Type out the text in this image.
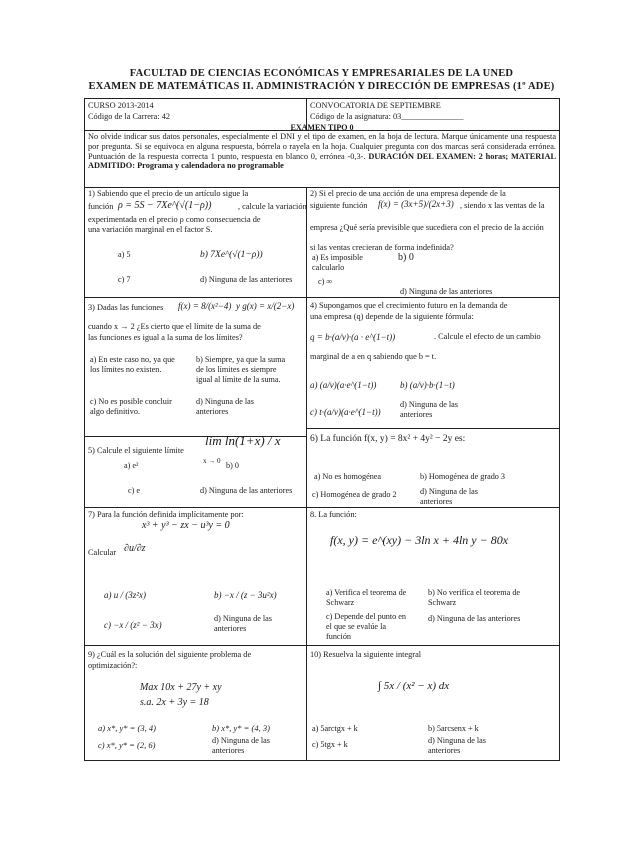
FACULTAD DE CIENCIAS ECONÓMICAS Y EMPRESARIALES DE LA UNED
EXAMEN DE MATEMÁTICAS II. ADMINISTRACIÓN Y DIRECCIÓN DE EMPRESAS (1º ADE)
CURSO 2013-2014
Código de la Carrera: 42
CONVOCATORIA DE SEPTIEMBRE
Código de la asignatura: 03_______________
EXAMEN TIPO 0
No olvide indicar sus datos personales, especialmente el DNI y el tipo de examen, en la hoja de lectura. Marque únicamente una respuesta por pregunta. Si se equivoca en alguna respuesta, bórrela o rayela en la hoja. Cualquier pregunta con dos marcas será considerada errónea. Puntuación de la respuesta correcta 1 punto, respuesta en blanco 0, errónea -0,3-. DURACIÓN DEL EXAMEN: 2 horas; MATERIAL ADMITIDO: Programa y calendadora no programable
1) Sabiendo que el precio de un artículo sigue la
función ρ = 5S − 7Xe^(√(1−ρ))	, calcule la variación
experimentada en el precio ρ como consecuencia de
una variación marginal en el factor S.
a) 5	b) 7Xe^(√(1−ρ))
c) 7	d) Ninguna de las anteriores
2) Si el precio de una acción de una empresa depende de la
siguiente función f(x) = (3x+5)/(2x+3) , siendo x las ventas de la
empresa ¿Qué sería previsible que sucediera con el precio de la acción
si las ventas crecieran de forma indefinida?
a) Es imposible calcularlo
b) 0
c) ∞
d) Ninguna de las anteriores
3) Dadas las funciones f(x) = 8/(x²−4) y g(x) = x/(2−x)
cuando x → 2 ¿Es cierto que el límite de la suma de
las funciones es igual a la suma de los límites?
a) En este caso no, ya que los límites no existen.
b) Siempre, ya que la suma de los límites es siempre igual al límite de la suma.
c) No es posible concluir algo definitivo.
d) Ninguna de las anteriores
4) Supongamos que el crecimiento futuro en la demanda de
una empresa (q) depende de la siguiente fórmula:
q = b·(a/v)·(a · e^(1−t))	. Calcule el efecto de un cambio
marginal de a en q sabiendo que b = t.
a) (a/v)(a·e^(1−t))	b) (a/v)·b·(1−t)
c) t·(a/v)(a·e^(1−t))
d) Ninguna de las anteriores
5) Calcule el siguiente límite
lim ln(1+x) / x
x → 0
a) e²	b) 0
c) e	d) Ninguna de las anteriores
6) La función f(x, y) = 8x² + 4y² − 2y es:
a) No es homogénea	b) Homogénea de grado 3
c) Homogénea de grado 2	d) Ninguna de las anteriores
7) Para la función definida implícitamente por:
x³ + y³ − zx − u³y = 0
Calcular ∂u/∂z
a) u / (3z²x)	b) −x / (z − 3u²x)
c) −x / (z² − 3x)
d) Ninguna de las anteriores
8. La función:
f(x, y) = e^(xy) − 3ln x + 4ln y − 80x
a) Verifica el teorema de Schwarz
b) No verifica el teorema de Schwarz
c) Depende del punto en el que se evalúe la función
d) Ninguna de las anteriores
9) ¿Cuál es la solución del siguiente problema de
optimización?:
Max 10x + 27y + xy
s.a. 2x + 3y = 18
a) x*, y* = (3, 4)	b) x*, y* = (4, 3)
c) x*, y* = (2, 6)	d) Ninguna de las anteriores
10) Resuelva la siguiente integral
∫ 5x / (x² − x) dx
a) 5arctgx + k	b) 5arcsenx + k
c) 5tgx + k	d) Ninguna de las anteriores
